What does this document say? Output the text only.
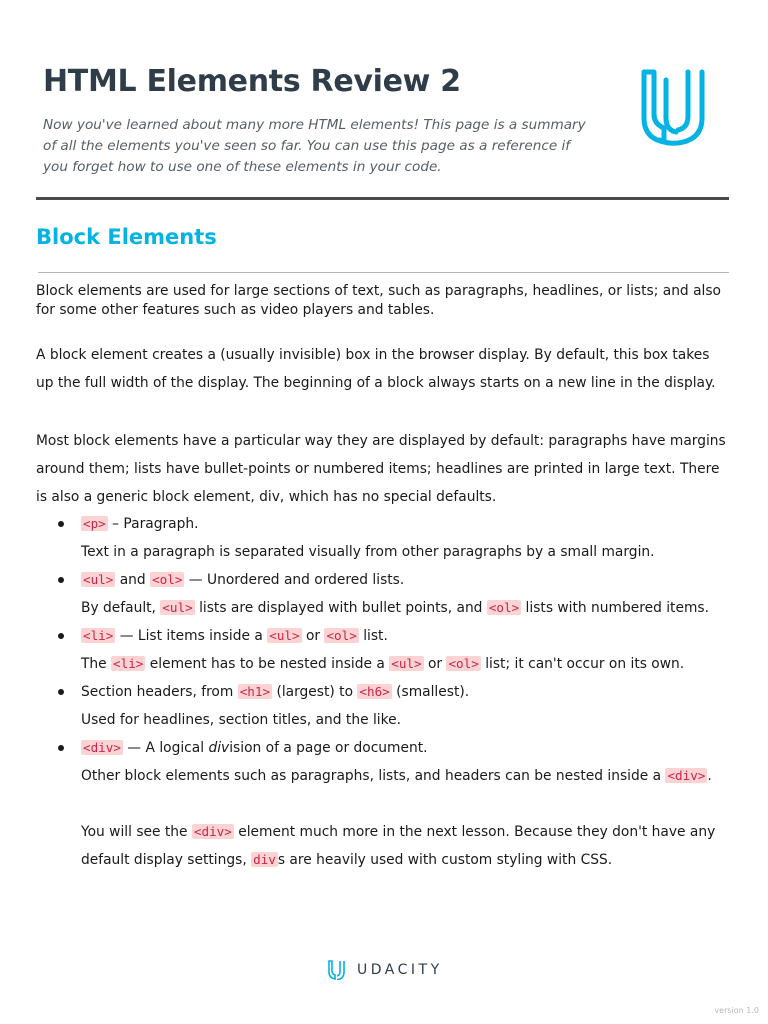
HTML Elements Review 2

Now you've learned about many more HTML elements! This page is a summary
of all the elements you've seen so far. You can use this page as a reference if
you forget how to use one of these elements in your code.

Block Elements

Block elements are used for large sections of text, such as paragraphs, headlines, or lists; and also
for some other features such as video players and tables.

A block element creates a (usually invisible) box in the browser display. By default, this box takes
up the full width of the display. The beginning of a block always starts on a new line in the display.

Most block elements have a particular way they are displayed by default: paragraphs have margins
around them; lists have bullet-points or numbered items; headlines are printed in large text. There
is also a generic block element, div, which has no special defaults.

<p> – Paragraph.
Text in a paragraph is separated visually from other paragraphs by a small margin.
<ul> and <ol> — Unordered and ordered lists.
By default, <ul> lists are displayed with bullet points, and <ol> lists with numbered items.
<li> — List items inside a <ul> or <ol> list.
The <li> element has to be nested inside a <ul> or <ol> list; it can't occur on its own.
Section headers, from <h1> (largest) to <h6> (smallest).
Used for headlines, section titles, and the like.
<div> — A logical division of a page or document.
Other block elements such as paragraphs, lists, and headers can be nested inside a <div> .
You will see the <div> element much more in the next lesson. Because they don't have any
default display settings, div s are heavily used with custom styling with CSS.
UDACITY
version 1.0
